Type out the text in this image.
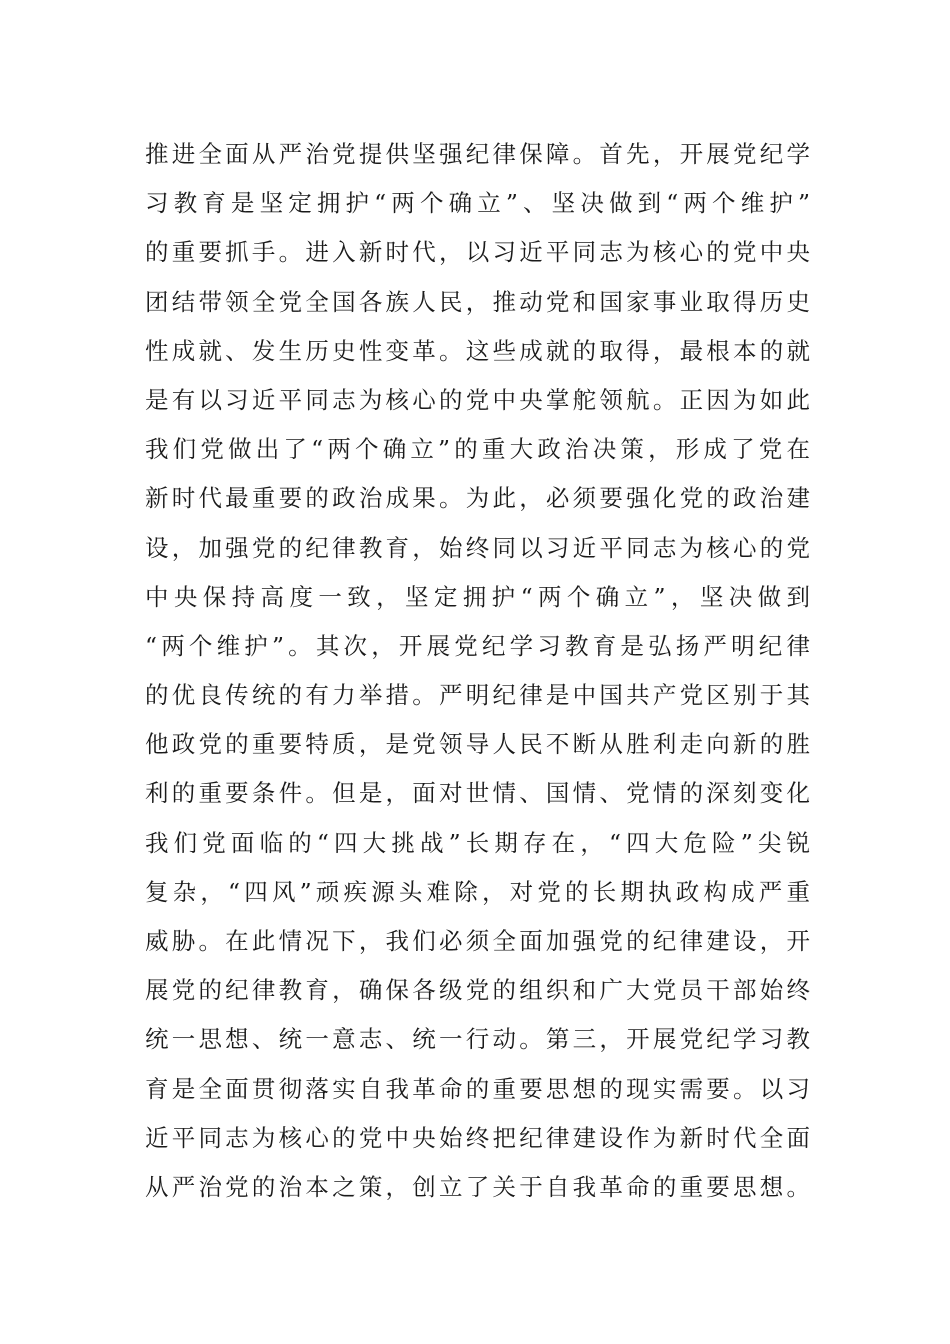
推进全面从严治党提供坚强纪律保障。首先，开展党纪学
习教育是坚定拥护“两个确立”、坚决做到“两个维护”
的重要抓手。进入新时代，以习近平同志为核心的党中央
团结带领全党全国各族人民，推动党和国家事业取得历史
性成就、发生历史性变革。这些成就的取得，最根本的就
是有以习近平同志为核心的党中央掌舵领航。正因为如此
我们党做出了“两个确立”的重大政治决策，形成了党在
新时代最重要的政治成果。为此，必须要强化党的政治建
设，加强党的纪律教育，始终同以习近平同志为核心的党
中央保持高度一致，坚定拥护“两个确立”，坚决做到
“两个维护”。其次，开展党纪学习教育是弘扬严明纪律
的优良传统的有力举措。严明纪律是中国共产党区别于其
他政党的重要特质，是党领导人民不断从胜利走向新的胜
利的重要条件。但是，面对世情、国情、党情的深刻变化
我们党面临的“四大挑战”长期存在，“四大危险”尖锐
复杂，“四风”顽疾源头难除，对党的长期执政构成严重
威胁。在此情况下，我们必须全面加强党的纪律建设，开
展党的纪律教育，确保各级党的组织和广大党员干部始终
统一思想、统一意志、统一行动。第三，开展党纪学习教
育是全面贯彻落实自我革命的重要思想的现实需要。以习
近平同志为核心的党中央始终把纪律建设作为新时代全面
从严治党的治本之策，创立了关于自我革命的重要思想。
